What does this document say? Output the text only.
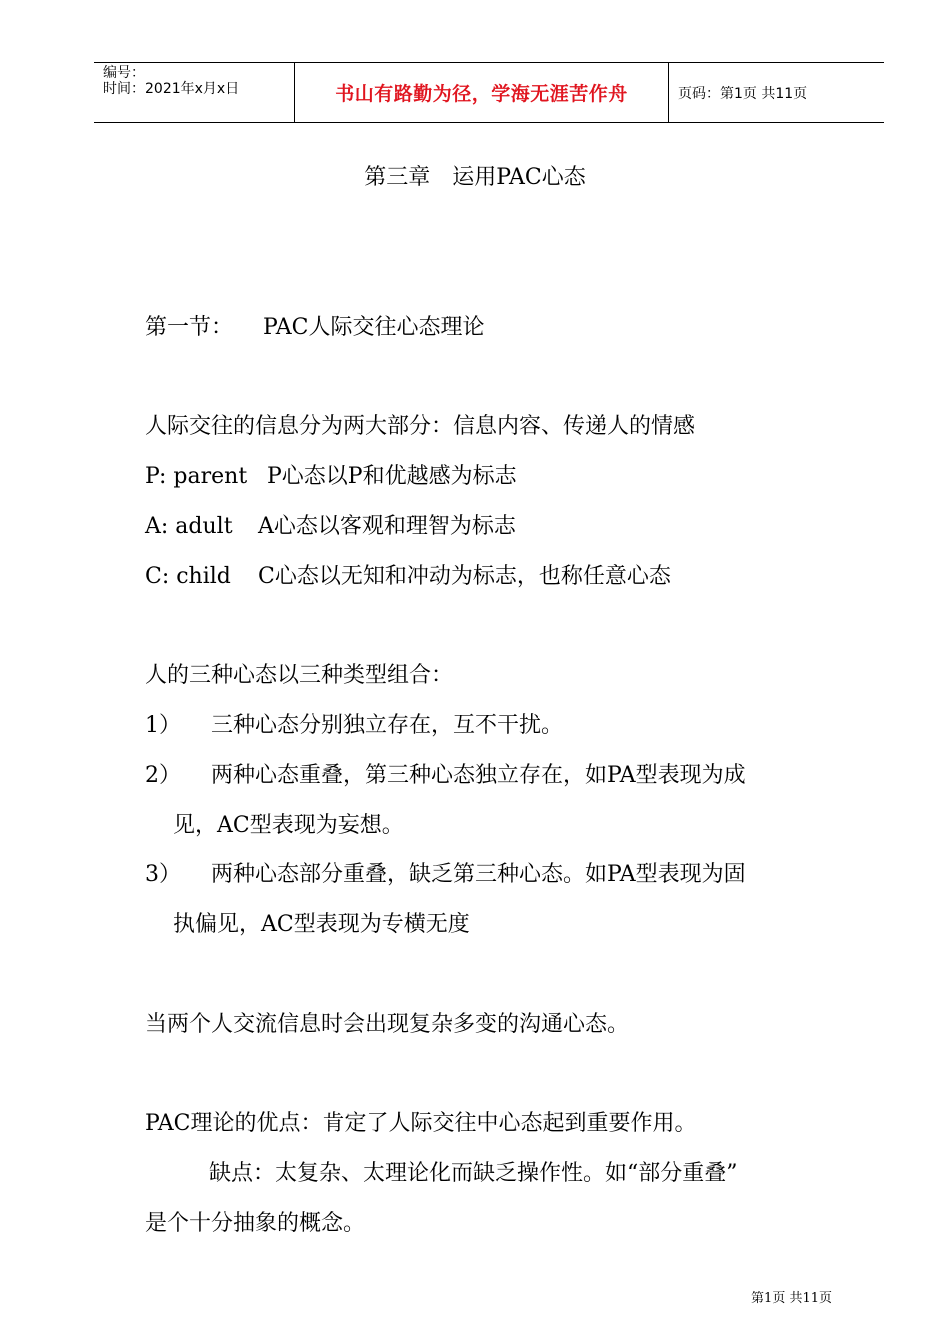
编号：
时间：2021年x月x日	书山有路勤为径，学海无涯苦作舟	页码：第1页 共11页
第三章 运用PAC心态
第一节： PAC人际交往心态理论
人际交往的信息分为两大部分：信息内容、传递人的情感
P: parent P心态以P和优越感为标志
A: adult A心态以客观和理智为标志
C: child C心态以无知和冲动为标志，也称任意心态
人的三种心态以三种类型组合：
1） 三种心态分别独立存在，互不干扰。
2） 两种心态重叠，第三种心态独立存在，如PA型表现为成
见，AC型表现为妄想。
3） 两种心态部分重叠，缺乏第三种心态。如PA型表现为固
执偏见，AC型表现为专横无度
当两个人交流信息时会出现复杂多变的沟通心态。
PAC理论的优点：肯定了人际交往中心态起到重要作用。
缺点：太复杂、太理论化而缺乏操作性。如“部分重叠”
是个十分抽象的概念。
第1页 共11页
